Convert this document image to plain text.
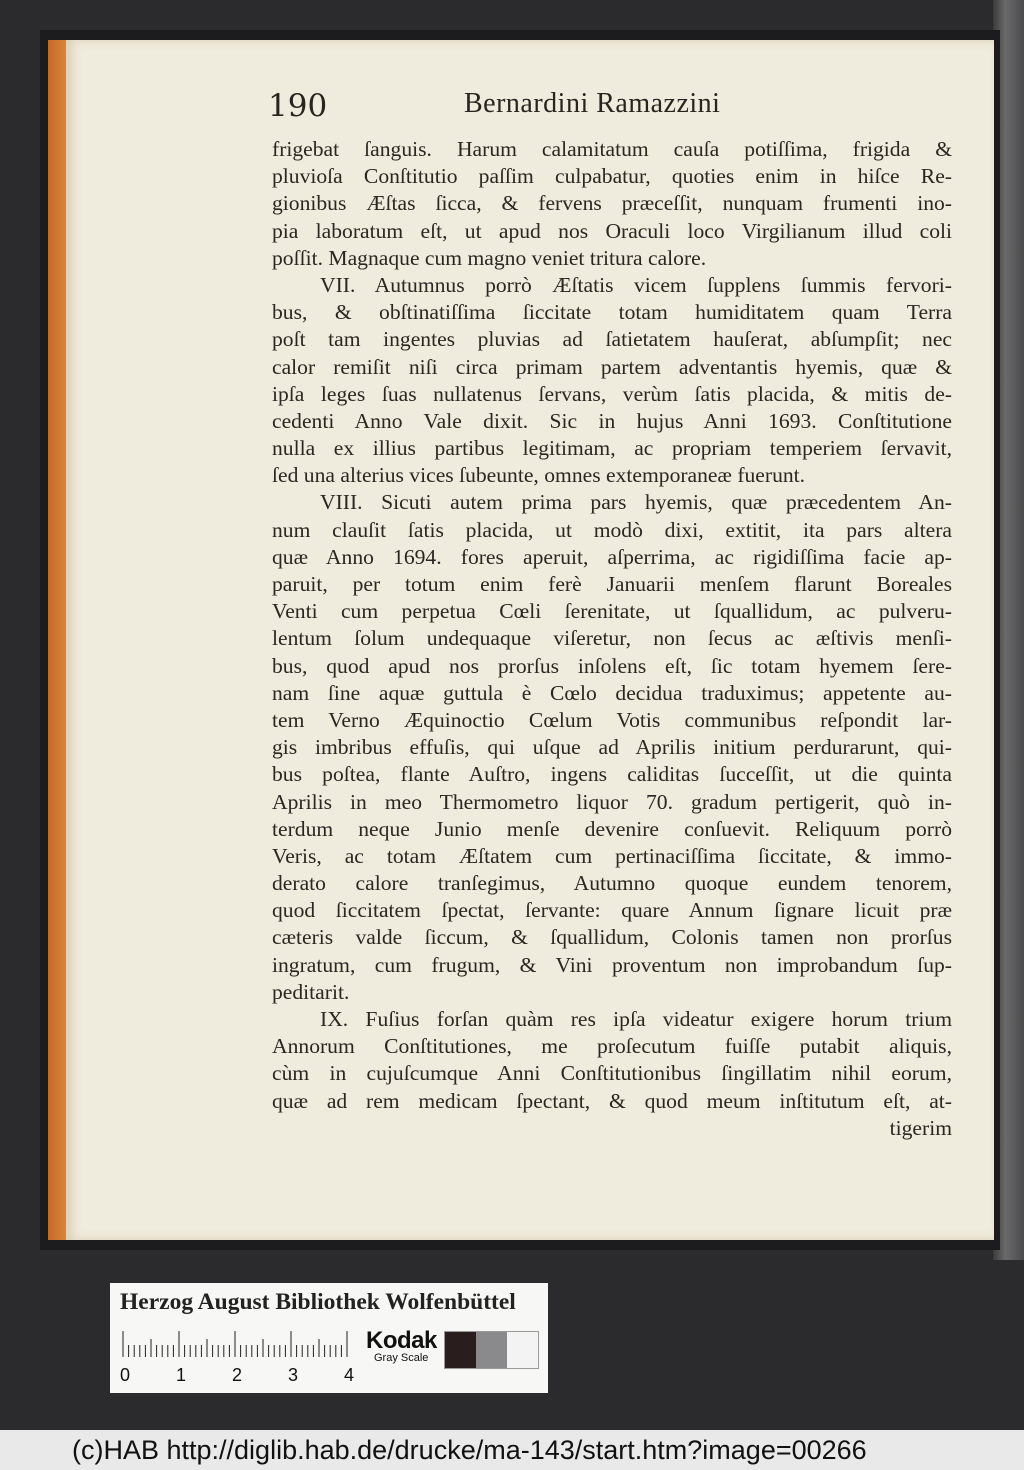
190	Bernardini Ramazzini
frigebat ſanguis. Harum calamitatum cauſa potiſſima, frigida &
pluvioſa Conſtitutio paſſim culpabatur, quoties enim in hiſce Re-
gionibus Æſtas ſicca, & fervens præceſſit, nunquam frumenti ino-
pia laboratum eſt, ut apud nos Oraculi loco Virgilianum illud coli
poſſit. Magnaque cum magno veniet tritura calore.
VII. Autumnus porrò Æſtatis vicem ſupplens ſummis fervori-
bus, & obſtinatiſſima ſiccitate totam humiditatem quam Terra
poſt tam ingentes pluvias ad ſatietatem hauſerat, abſumpſit; nec
calor remiſit niſi circa primam partem adventantis hyemis, quæ &
ipſa leges ſuas nullatenus ſervans, verùm ſatis placida, & mitis de-
cedenti Anno Vale dixit. Sic in hujus Anni 1693. Conſtitutione
nulla ex illius partibus legitimam, ac propriam temperiem ſervavit,
ſed una alterius vices ſubeunte, omnes extemporaneæ fuerunt.
VIII. Sicuti autem prima pars hyemis, quæ præcedentem An-
num clauſit ſatis placida, ut modò dixi, extitit, ita pars altera
quæ Anno 1694. fores aperuit, aſperrima, ac rigidiſſima facie ap-
paruit, per totum enim ferè Januarii menſem flarunt Boreales
Venti cum perpetua Cœli ſerenitate, ut ſquallidum, ac pulveru-
lentum ſolum undequaque viſeretur, non ſecus ac æſtivis menſi-
bus, quod apud nos prorſus inſolens eſt, ſic totam hyemem ſere-
nam ſine aquæ guttula è Cœlo decidua traduximus; appetente au-
tem Verno Æquinoctio Cœlum Votis communibus reſpondit lar-
gis imbribus effuſis, qui uſque ad Aprilis initium perdurarunt, qui-
bus poſtea, flante Auſtro, ingens caliditas ſucceſſit, ut die quinta
Aprilis in meo Thermometro liquor 70. gradum pertigerit, quò in-
terdum neque Junio menſe devenire conſuevit. Reliquum porrò
Veris, ac totam Æſtatem cum pertinaciſſima ſiccitate, & immo-
derato calore tranſegimus, Autumno quoque eundem tenorem,
quod ſiccitatem ſpectat, ſervante: quare Annum ſignare licuit præ
cæteris valde ſiccum, & ſquallidum, Colonis tamen non prorſus
ingratum, cum frugum, & Vini proventum non improbandum ſup-
peditarit.
IX. Fuſius forſan quàm res ipſa videatur exigere horum trium
Annorum Conſtitutiones, me proſecutum fuiſſe putabit aliquis,
cùm in cujuſcumque Anni Conſtitutionibus ſingillatim nihil eorum,
quæ ad rem medicam ſpectant, & quod meum inſtitutum eſt, at-
tigerim
Herzog August Bibliothek Wolfenbüttel
0	1	2	3	4
Kodak
Gray Scale
(c)HAB http://diglib.hab.de/drucke/ma-143/start.htm?image=00266
